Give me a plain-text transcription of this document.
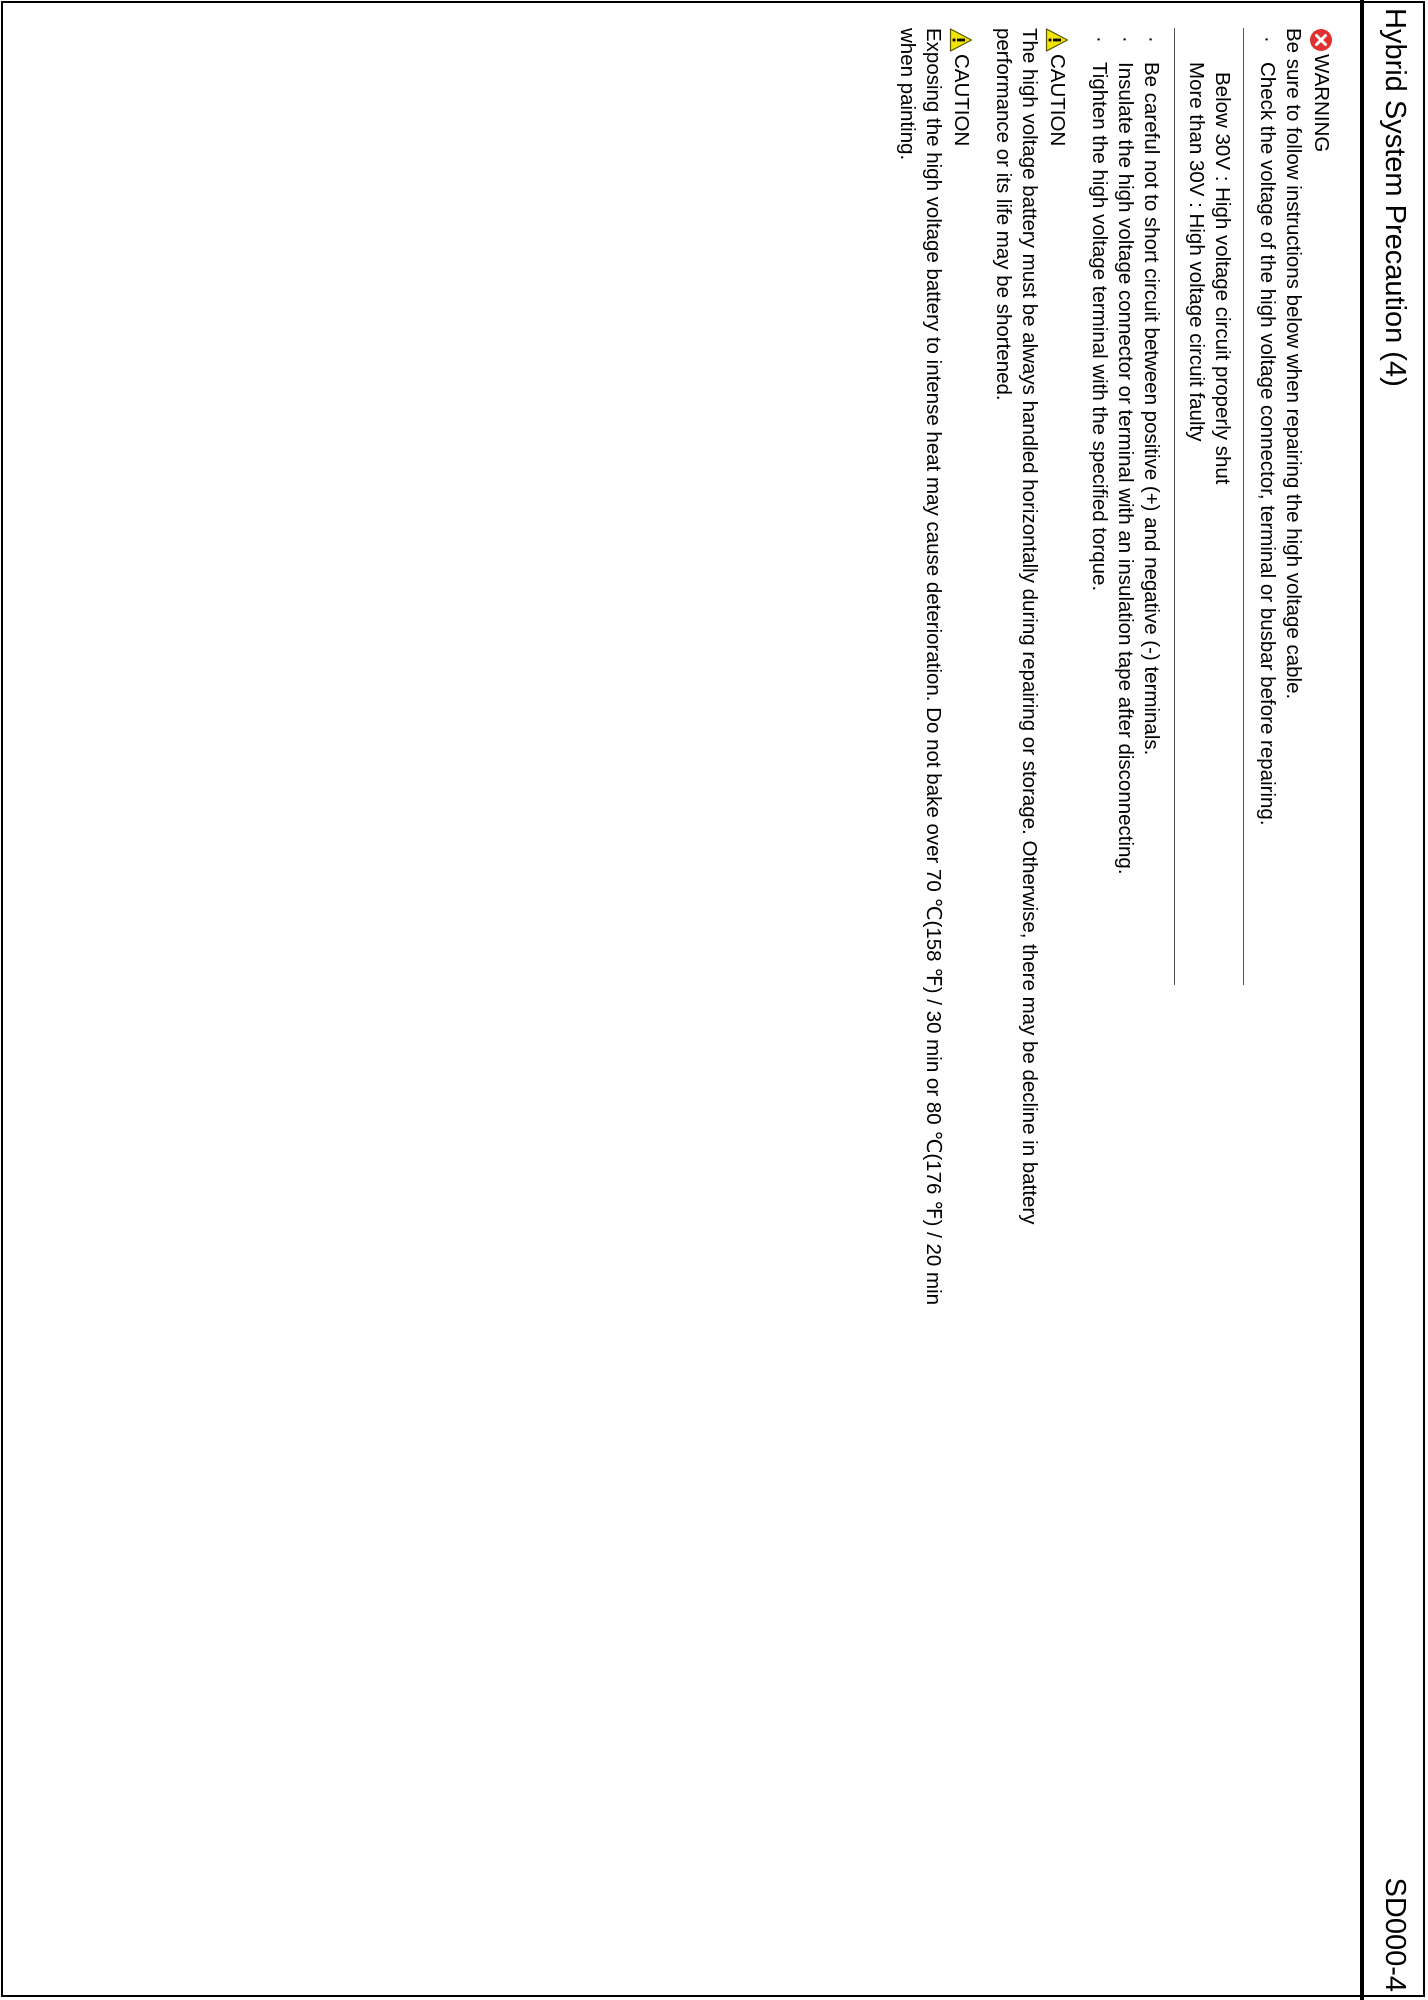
Hybrid System Precaution (4)
SD000-4
WARNING

Be sure to follow instructions below when repairing the high voltage cable.

·
Check the voltage of the high voltage connector, terminal or busbar before repairing.

Below 30V : High voltage circuit properly shut
More than 30V : High voltage circuit faulty

·
Be careful not to short circuit between positive (+) and negative (-) terminals.

·
Insulate the high voltage connector or terminal with an insulation tape after disconnecting.

·
Tighten the high voltage terminal with the specified torque.

CAUTION

The high voltage battery must be always handled horizontally during repairing or storage. Otherwise, there may be decline in battery performance or its life may be shortened.

CAUTION

Exposing the high voltage battery to intense heat may cause deterioration. Do not bake over 70 ℃(158 ℉) / 30 min or 80 ℃(176 ℉) / 20 min when painting.
